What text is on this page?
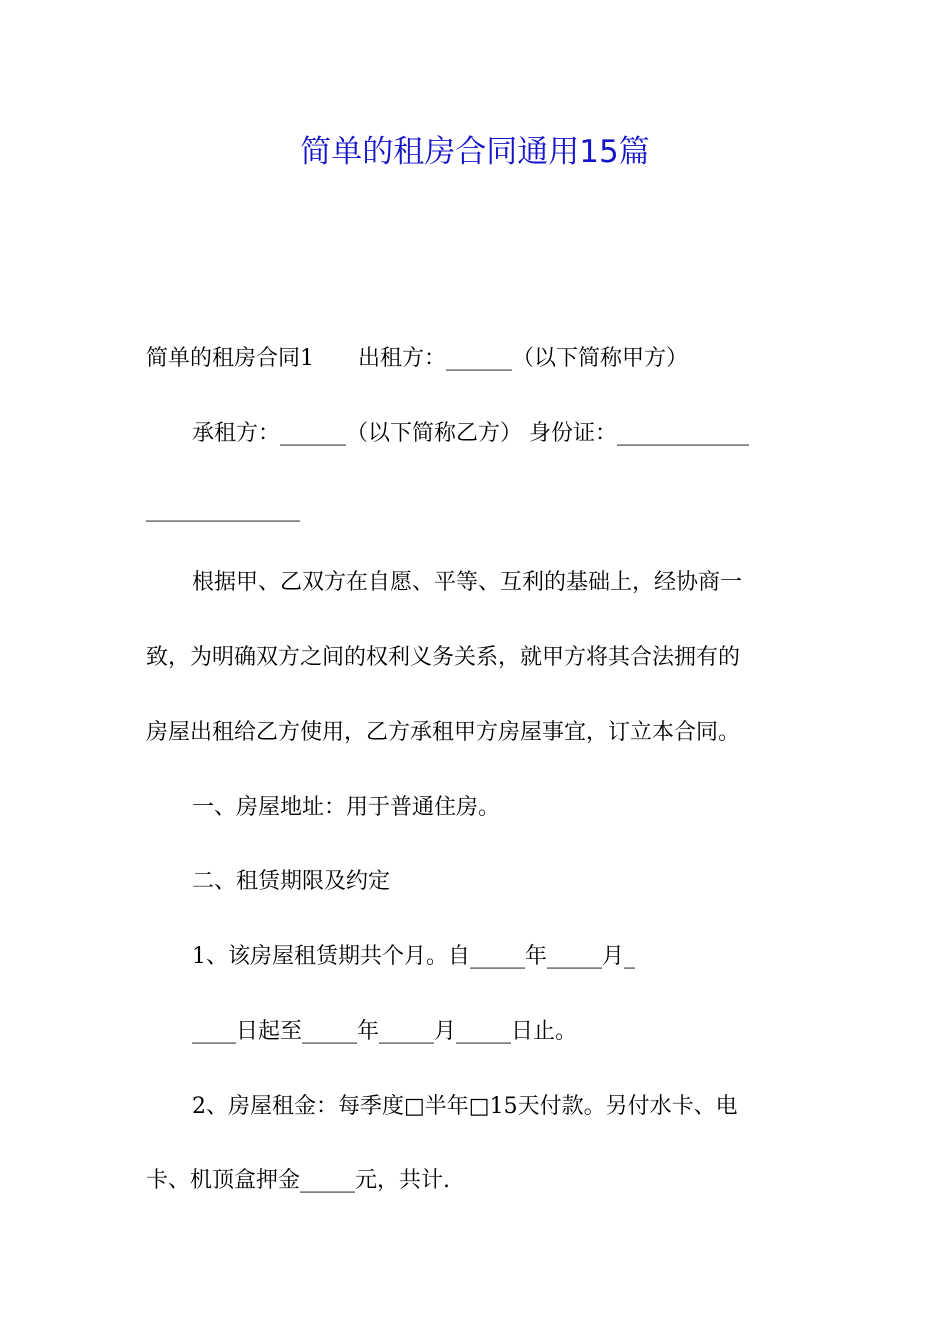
简单的租房合同通用15篇

简单的租房合同1　　出租方：______（以下简称甲方）

承租方：______（以下简称乙方） 身份证：____________

______________

根据甲、乙双方在自愿、平等、互利的基础上，经协商一

致，为明确双方之间的权利义务关系，就甲方将其合法拥有的

房屋出租给乙方使用，乙方承租甲方房屋事宜，订立本合同。

一、房屋地址：用于普通住房。

二、租赁期限及约定

1、该房屋租赁期共个月。自_____年_____月_

____日起至_____年_____月_____日止。

2、房屋租金：每季度□半年□15天付款。另付水卡、电

卡、机顶盒押金_____元，共计.
